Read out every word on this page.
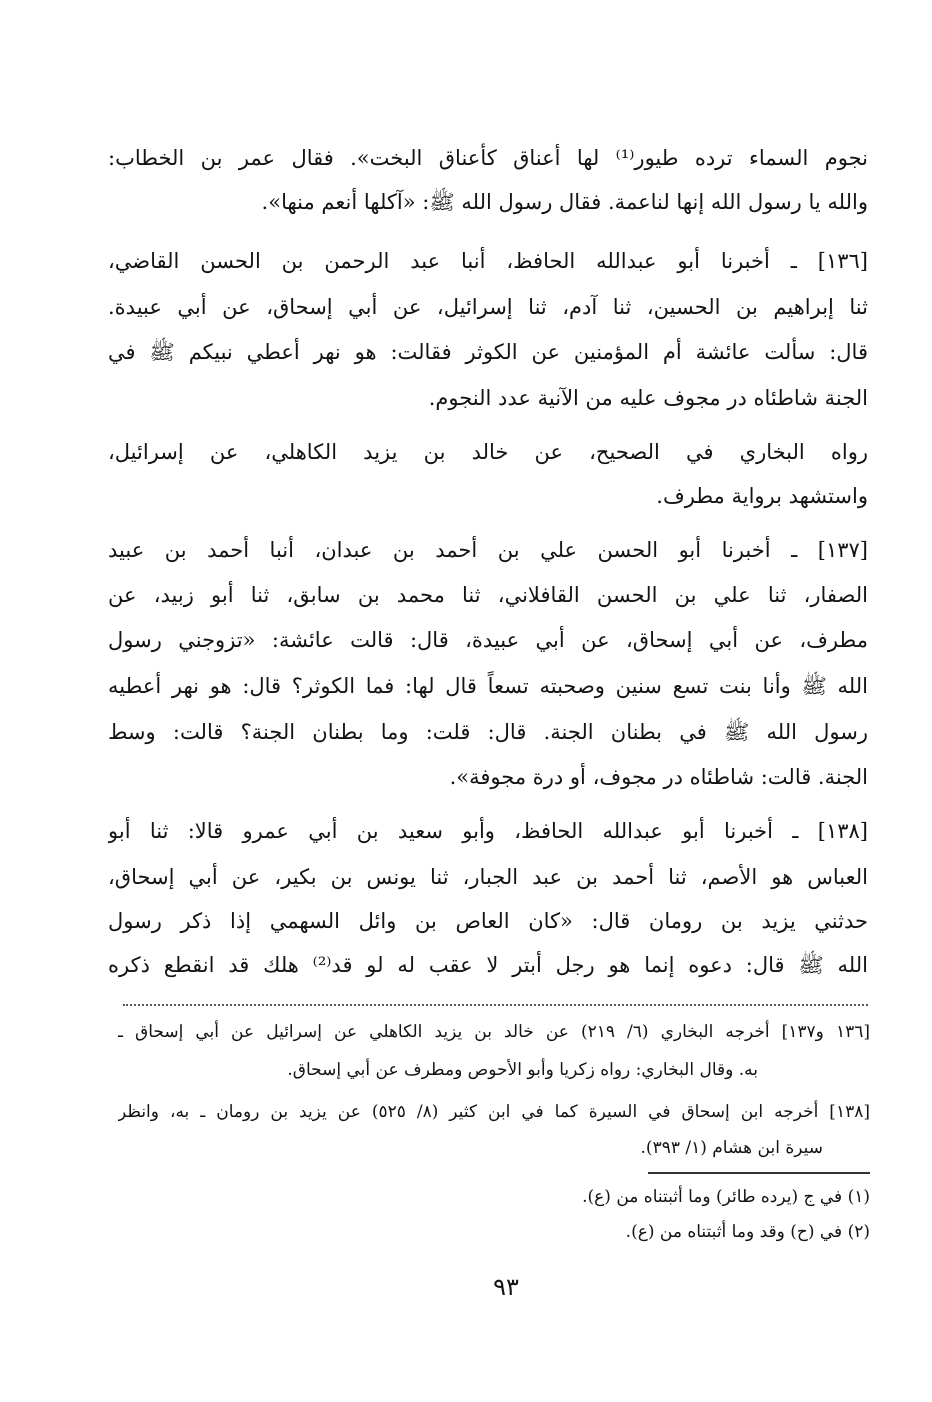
نجوم السماء ترده طيور⁽¹⁾ لها أعناق كأعناق البخت». فقال عمر بن الخطاب:
والله يا رسول الله إنها لناعمة. فقال رسول الله ﷺ: «آكلها أنعم منها».
[١٣٦] ـ أخبرنا أبو عبدالله الحافظ، أنبا عبد الرحمن بن الحسن القاضي،
ثنا إبراهيم بن الحسين، ثنا آدم، ثنا إسرائيل، عن أبي إسحاق، عن أبي عبيدة.
قال: سألت عائشة أم المؤمنين عن الكوثر فقالت: هو نهر أعطي نبيكم ﷺ في
الجنة شاطئاه در مجوف عليه من الآنية عدد النجوم.
رواه البخاري في الصحيح، عن خالد بن يزيد الكاهلي، عن إسرائيل،
واستشهد برواية مطرف.
[١٣٧] ـ أخبرنا أبو الحسن علي بن أحمد بن عبدان، أنبا أحمد بن عبيد
الصفار، ثنا علي بن الحسن القافلاني، ثنا محمد بن سابق، ثنا أبو زبيد، عن
مطرف، عن أبي إسحاق، عن أبي عبيدة، قال: قالت عائشة: «تزوجني رسول
الله ﷺ وأنا بنت تسع سنين وصحبته تسعاً قال لها: فما الكوثر؟ قال: هو نهر أعطيه
رسول الله ﷺ في بطنان الجنة. قال: قلت: وما بطنان الجنة؟ قالت: وسط
الجنة. قالت: شاطئاه در مجوف، أو درة مجوفة».
[١٣٨] ـ أخبرنا أبو عبدالله الحافظ، وأبو سعيد بن أبي عمرو قالا: ثنا أبو
العباس هو الأصم، ثنا أحمد بن عبد الجبار، ثنا يونس بن بكير، عن أبي إسحاق،
حدثني يزيد بن رومان قال: «كان العاص بن وائل السهمي إذا ذكر رسول
الله ﷺ قال: دعوه إنما هو رجل أبتر لا عقب له لو قد⁽²⁾ هلك قد انقطع ذكره
[١٣٦ و١٣٧] أخرجه البخاري (٦/ ٢١٩) عن خالد بن يزيد الكاهلي عن إسرائيل عن أبي إسحاق ـ
به. وقال البخاري: رواه زكريا وأبو الأحوص ومطرف عن أبي إسحاق.
[١٣٨] أخرجه ابن إسحاق في السيرة كما في ابن كثير (٨/ ٥٢٥) عن يزيد بن رومان ـ به، وانظر
سيرة ابن هشام (١/ ٣٩٣).
(١) في ج (يرده طائر) وما أثبتناه من (ع).
(٢) في (ح) وقد وما أثبتناه من (ع).
٩٣
